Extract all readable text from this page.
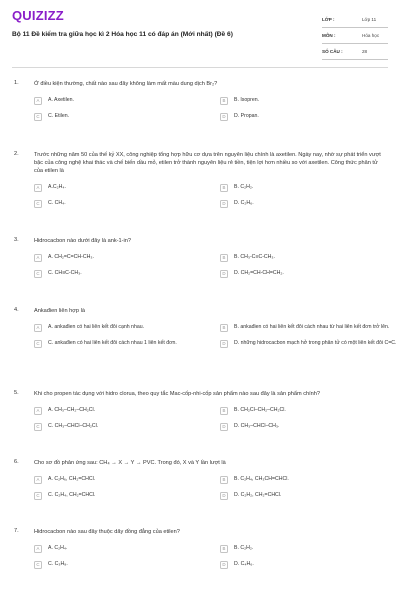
QUIZIZZ
Bộ 11 Đề kiểm tra giữa học kì 2 Hóa học 11 có đáp án (Mới nhất) (Đề 6)
LỚP :	Lớp 11
MÔN :	Hóa học
SỐ CÂU :	28
1.	Ở điều kiện thường, chất nào sau đây không làm mất màu dung dịch Br₂?
A	A. Axetilen.	B	B. Isopren.
C	C. Etilen.	D	D. Propan.
2.	Trước những năm 50 của thế kỷ XX, công nghiệp tổng hợp hữu cơ dựa trên nguyên liệu chính là axetilen. Ngày nay, nhờ sự phát triển vượt bậc của công nghệ khai thác và chế biến dầu mỏ, etilen trở thành nguyên liệu rẻ tiền, tiện lợi hơn nhiều so với axetilen. Công thức phân tử của etilen là
A	A.C₂H₄.	B	B. C₂H₂.
C	C. CH₄.	D	D. C₂H₆.
3.	Hidrocacbon nào dưới đây là ank-1-in?
A	A. CH₂=C=CH-CH₃.	B	B. CH₃-C≡C-CH₃.
C	C. CH≡C-CH₃.	D	D. CH₂=CH-CH=CH₂.
4.	Ankađien liên hợp là
A	A. ankađien có hai liên kết đôi cạnh nhau.	B	B. ankađien có hai liên kết đôi cách nhau từ hai liên kết đơn trở lên.
C	C. ankađien có hai liên kết đôi cách nhau 1 liên kết đơn.	D	D. những hidrocacbon mạch hở trong phân tử có một liên kết đôi C=C.
5.	Khi cho propen tác dụng với hidro clorua, theo quy tắc Mac-cốp-nhi-cốp sản phẩm nào sau đây là sản phẩm chính?
A	A. CH₃–CH₂–CH₂Cl.	B	B. CH₂Cl–CH₂–CH₂Cl.
C	C. CH₃–CHCl–CH₂Cl.	D	D. CH₃–CHCl–CH₃.
6.	Cho sơ đồ phản ứng sau: CH₄ → X → Y → PVC. Trong đó, X và Y lần lượt là
A	A. C₂H₆, CH₂=CHCl.	B	B. C₂H₄, CH₃CH=CHCl.
C	C. C₂H₄, CH₂=CHCl.	D	D. C₂H₂, CH₂=CHCl.
7.	Hidrocacbon nào sau đây thuộc dãy đồng đẳng của etilen?
A	A. C₂H₄.	B	B. C₂H₂.
C	C. C₃H₈.	D	D. C₄H₆.
